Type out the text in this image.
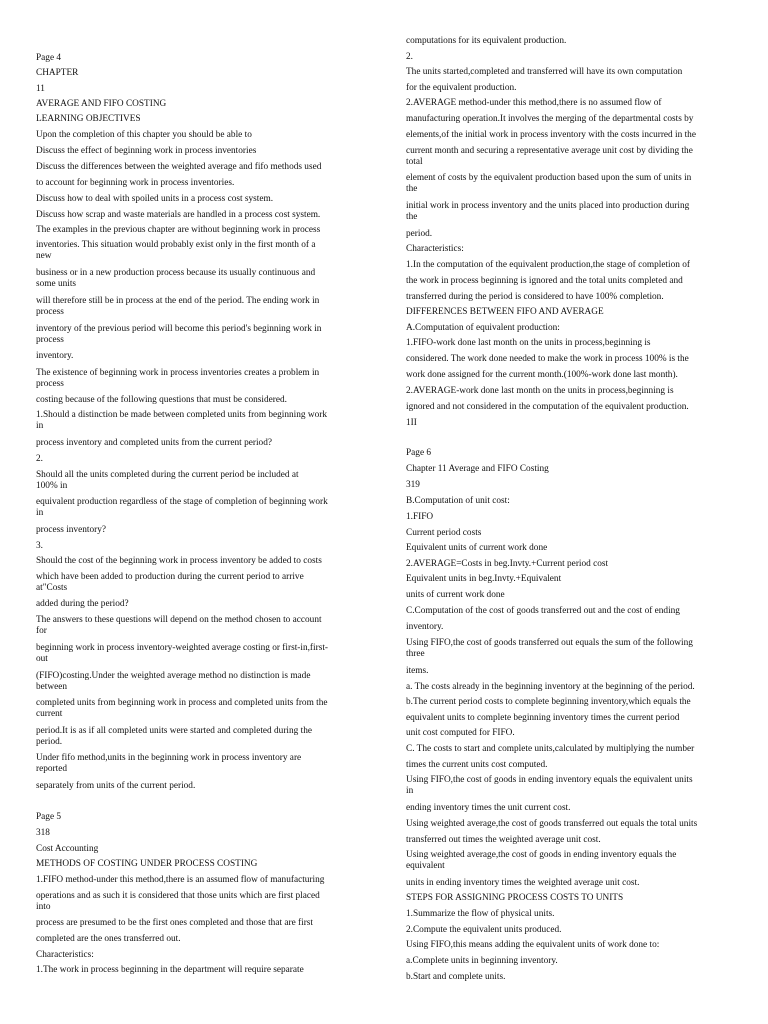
Page 4
CHAPTER
11
AVERAGE AND FIFO COSTING
LEARNING OBJECTIVES
Upon the completion of this chapter you should be able to
Discuss the effect of beginning work in process inventories
Discuss the differences between the weighted average and fifo methods used
to account for beginning work in process inventories.
Discuss how to deal with spoiled units in a process cost system.
Discuss how scrap and waste materials are handled in a process cost system.
The examples in the previous chapter are without beginning work in process
inventories. This situation would probably exist only in the first month of a
new
business or in a new production process because its usually continuous and
some units
will therefore still be in process at the end of the period. The ending work in
process
inventory of the previous period will become this period's beginning work in
process
inventory.
The existence of beginning work in process inventories creates a problem in
process
costing because of the following questions that must be considered.
1.Should a distinction be made between completed units from beginning work
in
process inventory and completed units from the current period?
2.
Should all the units completed during the current period be included at
100% in
equivalent production regardless of the stage of completion of beginning work
in
process inventory?
3.
Should the cost of the beginning work in process inventory be added to costs
which have been added to production during the current period to arrive
at"Costs
added during the period?
The answers to these questions will depend on the method chosen to account
for
beginning work in process inventory-weighted average costing or first-in,first-
out
(FIFO)costing.Under the weighted average method no distinction is made
between
completed units from beginning work in process and completed units from the
current
period.It is as if all completed units were started and completed during the
period.
Under fifo method,units in the beginning work in process inventory are
reported
separately from units of the current period.
Page 5
318
Cost Accounting
METHODS OF COSTING UNDER PROCESS COSTING
1.FIFO method-under this method,there is an assumed flow of manufacturing
operations and as such it is considered that those units which are first placed
into
process are presumed to be the first ones completed and those that are first
completed are the ones transferred out.
Characteristics:
1.The work in process beginning in the department will require separate
computations for its equivalent production.
2.
The units started,completed and transferred will have its own computation
for the equivalent production.
2.AVERAGE method-under this method,there is no assumed flow of
manufacturing operation.It involves the merging of the departmental costs by
elements,of the initial work in process inventory with the costs incurred in the
current month and securing a representative average unit cost by dividing the
total
element of costs by the equivalent production based upon the sum of units in
the
initial work in process inventory and the units placed into production during
the
period.
Characteristics:
1.In the computation of the equivalent production,the stage of completion of
the work in process beginning is ignored and the total units completed and
transferred during the period is considered to have 100% completion.
DIFFERENCES BETWEEN FIFO AND AVERAGE
A.Computation of equivalent production:
1.FIFO-work done last month on the units in process,beginning is
considered. The work done needed to make the work in process 100% is the
work done assigned for the current month.(100%-work done last month).
2.AVERAGE-work done last month on the units in process,beginning is
ignored and not considered in the computation of the equivalent production.
1II
Page 6
Chapter 11 Average and FIFO Costing
319
B.Computation of unit cost:
1.FIFO
Current period costs
Equivalent units of current work done
2.AVERAGE=Costs in beg.Invty.+Current period cost
Equivalent units in beg.Invty.+Equivalent
units of current work done
C.Computation of the cost of goods transferred out and the cost of ending
inventory.
Using FIFO,the cost of goods transferred out equals the sum of the following
three
items.
a. The costs already in the beginning inventory at the beginning of the period.
b.The current period costs to complete beginning inventory,which equals the
equivalent units to complete beginning inventory times the current period
unit cost computed for FIFO.
C. The costs to start and complete units,calculated by multiplying the number
times the current units cost computed.
Using FIFO,the cost of goods in ending inventory equals the equivalent units
in
ending inventory times the unit current cost.
Using weighted average,the cost of goods transferred out equals the total units
transferred out times the weighted average unit cost.
Using weighted average,the cost of goods in ending inventory equals the
equivalent
units in ending inventory times the weighted average unit cost.
STEPS FOR ASSIGNING PROCESS COSTS TO UNITS
1.Summarize the flow of physical units.
2.Compute the equivalent units produced.
Using FIFO,this means adding the equivalent units of work done to:
a.Complete units in beginning inventory.
b.Start and complete units.
